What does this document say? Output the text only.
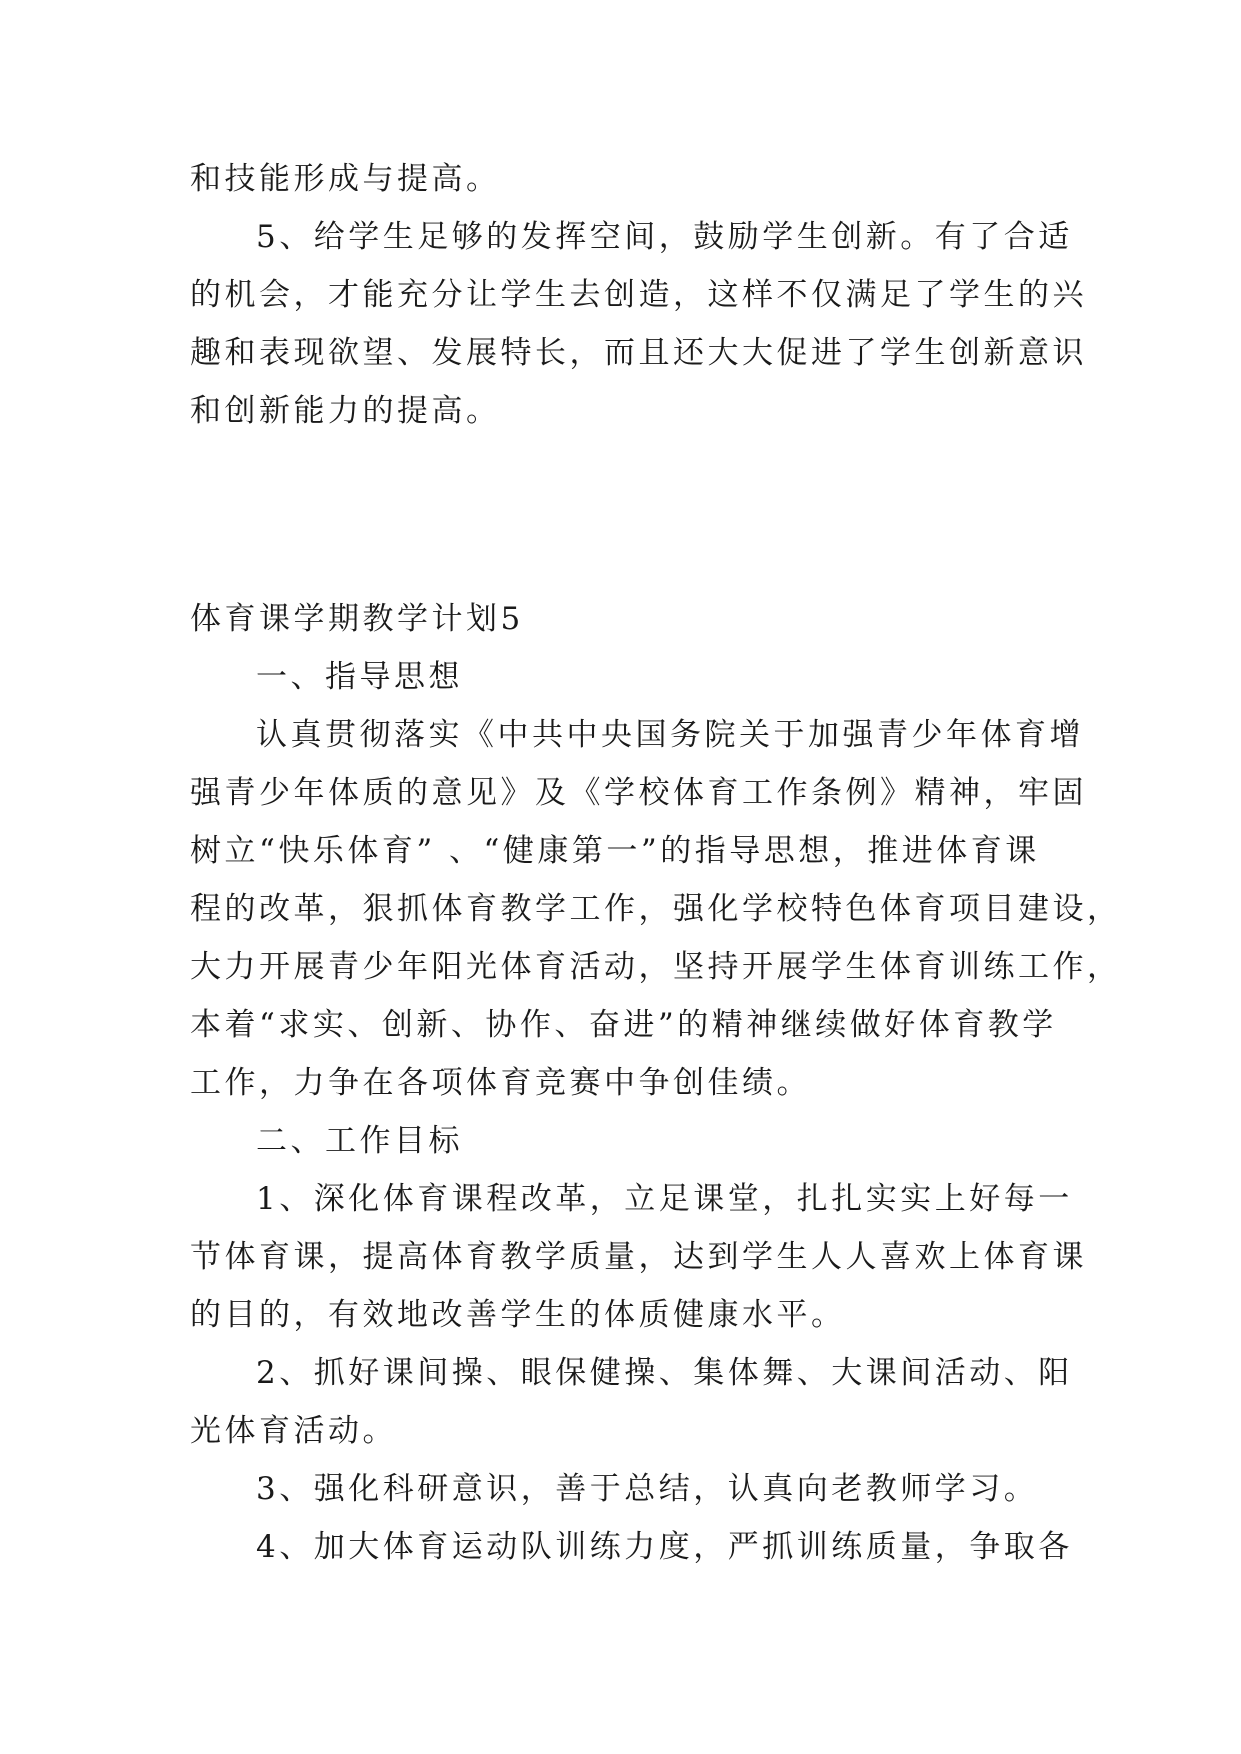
和技能形成与提高。
5、给学生足够的发挥空间，鼓励学生创新。有了合适
的机会，才能充分让学生去创造，这样不仅满足了学生的兴
趣和表现欲望、发展特长，而且还大大促进了学生创新意识
和创新能力的提高。
体育课学期教学计划5
一、指导思想
认真贯彻落实《中共中央国务院关于加强青少年体育增
强青少年体质的意见》及《学校体育工作条例》精神，牢固
树立“快乐体育” 、“健康第一”的指导思想，推进体育课
程的改革，狠抓体育教学工作，强化学校特色体育项目建设，
大力开展青少年阳光体育活动，坚持开展学生体育训练工作，
本着“求实、创新、协作、奋进”的精神继续做好体育教学
工作，力争在各项体育竞赛中争创佳绩。
二、工作目标
1、深化体育课程改革，立足课堂，扎扎实实上好每一
节体育课，提高体育教学质量，达到学生人人喜欢上体育课
的目的，有效地改善学生的体质健康水平。
2、抓好课间操、眼保健操、集体舞、大课间活动、阳
光体育活动。
3、强化科研意识，善于总结，认真向老教师学习。
4、加大体育运动队训练力度，严抓训练质量，争取各
